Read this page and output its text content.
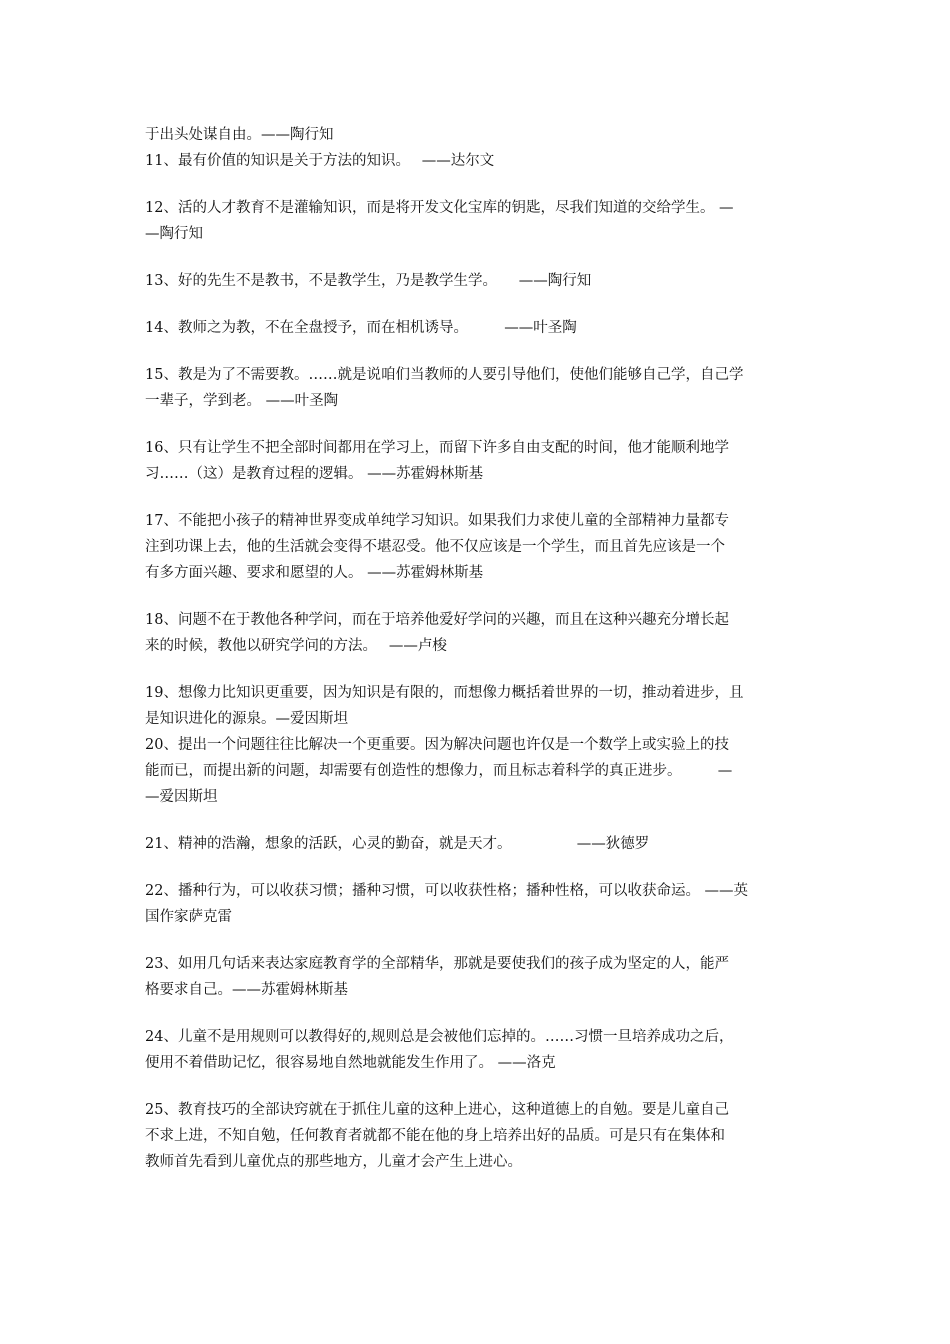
于出头处谋自由。——陶行知
11、最有价值的知识是关于方法的知识。　 ——达尔文
12、活的人才教育不是灌输知识，而是将开发文化宝库的钥匙，尽我们知道的交给学生。 —
—陶行知
13、好的先生不是教书，不是教学生，乃是教学生学。　　——陶行知
14、教师之为教，不在全盘授予，而在相机诱导。　　　——叶圣陶
15、教是为了不需要教。……就是说咱们当教师的人要引导他们，使他们能够自己学，自己学
一辈子，学到老。 ——叶圣陶
16、只有让学生不把全部时间都用在学习上，而留下许多自由支配的时间，他才能顺利地学
习……（这）是教育过程的逻辑。 ——苏霍姆林斯基
17、不能把小孩子的精神世界变成单纯学习知识。如果我们力求使儿童的全部精神力量都专
注到功课上去，他的生活就会变得不堪忍受。他不仅应该是一个学生，而且首先应该是一个
有多方面兴趣、要求和愿望的人。 ——苏霍姆林斯基
18、问题不在于教他各种学问，而在于培养他爱好学问的兴趣，而且在这种兴趣充分增长起
来的时候，教他以研究学问的方法。　 ——卢梭
19、想像力比知识更重要，因为知识是有限的，而想像力概括着世界的一切，推动着进步，且
是知识进化的源泉。—爱因斯坦
20、提出一个问题往往比解决一个更重要。因为解决问题也许仅是一个数学上或实验上的技
能而已，而提出新的问题，却需要有创造性的想像力，而且标志着科学的真正进步。　　　—
—爱因斯坦
21、精神的浩瀚，想象的活跃，心灵的勤奋，就是天才。　　　　　——狄德罗
22、播种行为，可以收获习惯；播种习惯，可以收获性格；播种性格，可以收获命运。 ——英
国作家萨克雷
23、如用几句话来表达家庭教育学的全部精华，那就是要使我们的孩子成为坚定的人，能严
格要求自己。——苏霍姆林斯基
24、儿童不是用规则可以教得好的,规则总是会被他们忘掉的。……习惯一旦培养成功之后，
便用不着借助记忆，很容易地自然地就能发生作用了。 ——洛克
25、教育技巧的全部诀窍就在于抓住儿童的这种上进心，这种道德上的自勉。要是儿童自己
不求上进，不知自勉，任何教育者就都不能在他的身上培养出好的品质。可是只有在集体和
教师首先看到儿童优点的那些地方，儿童才会产生上进心。
